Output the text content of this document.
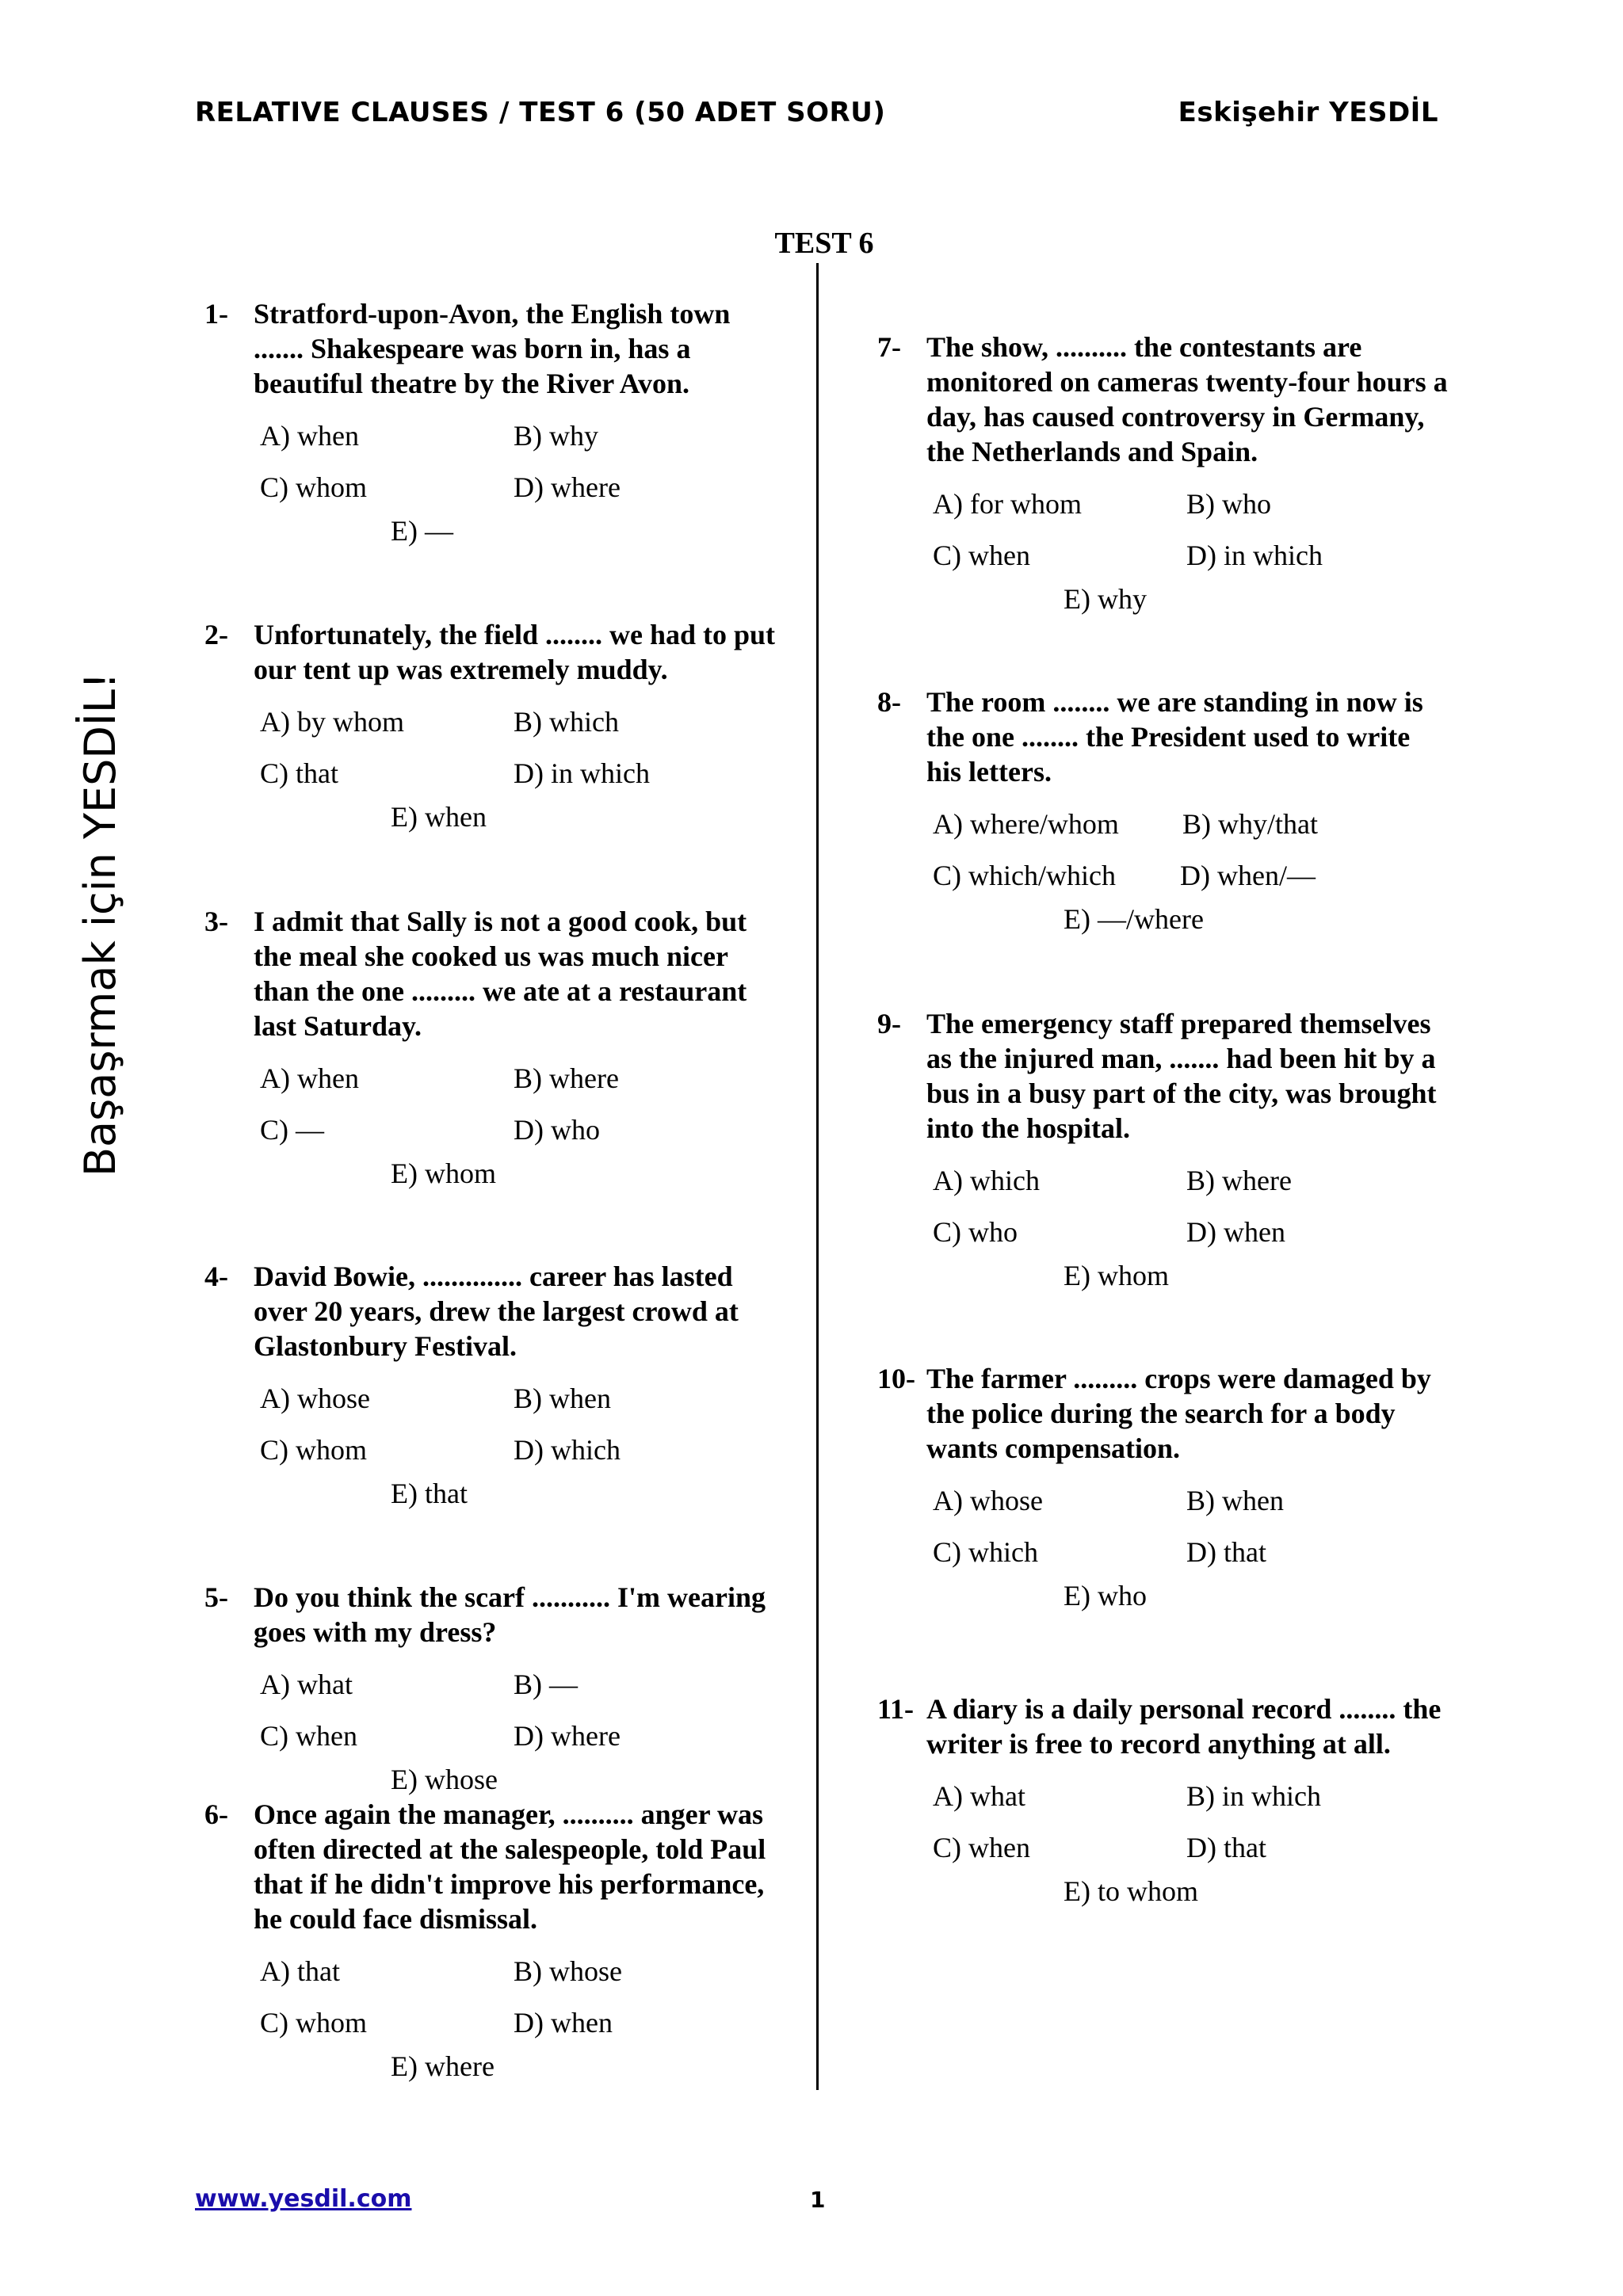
RELATIVE CLAUSES / TEST 6 (50 ADET SORU)	Eskişehir YESDİL
TEST 6
Başaşrmak için YESDİL!
1- Stratford-upon-Avon, the English town ....... Shakespeare was born in, has a beautiful theatre by the River Avon.
A) when	B) why
C) whom	D) where
E) —
2- Unfortunately, the field ........ we had to put our tent up was extremely muddy.
A) by whom	B) which
C) that	D) in which
E) when
3- I admit that Sally is not a good cook, but the meal she cooked us was much nicer than the one ......... we ate at a restaurant last Saturday.
A) when	B) where
C) —	D) who
E) whom
4- David Bowie, .............. career has lasted over 20 years, drew the largest crowd at Glastonbury Festival.
A) whose	B) when
C) whom	D) which
E) that
5- Do you think the scarf ........... I'm wearing goes with my dress?
A) what	B) —
C) when	D) where
E) whose
6- Once again the manager, .......... anger was often directed at the salespeople, told Paul that if he didn't improve his performance, he could face dismissal.
A) that	B) whose
C) whom	D) when
E) where
7- The show, .......... the contestants are monitored on cameras twenty-four hours a day, has caused controversy in Germany, the Netherlands and Spain.
A) for whom	B) who
C) when	D) in which
E) why
8- The room ........ we are standing in now is the one ........ the President used to write his letters.
A) where/whom	B) why/that
C) which/which	D) when/—
E) —/where
9- The emergency staff prepared themselves as the injured man, ....... had been hit by a bus in a busy part of the city, was brought into the hospital.
A) which	B) where
C) who	D) when
E) whom
10- The farmer ......... crops were damaged by the police during the search for a body wants compensation.
A) whose	B) when
C) which	D) that
E) who
11- A diary is a daily personal record ........ the writer is free to record anything at all.
A) what	B) in which
C) when	D) that
E) to whom
www.yesdil.com	1
